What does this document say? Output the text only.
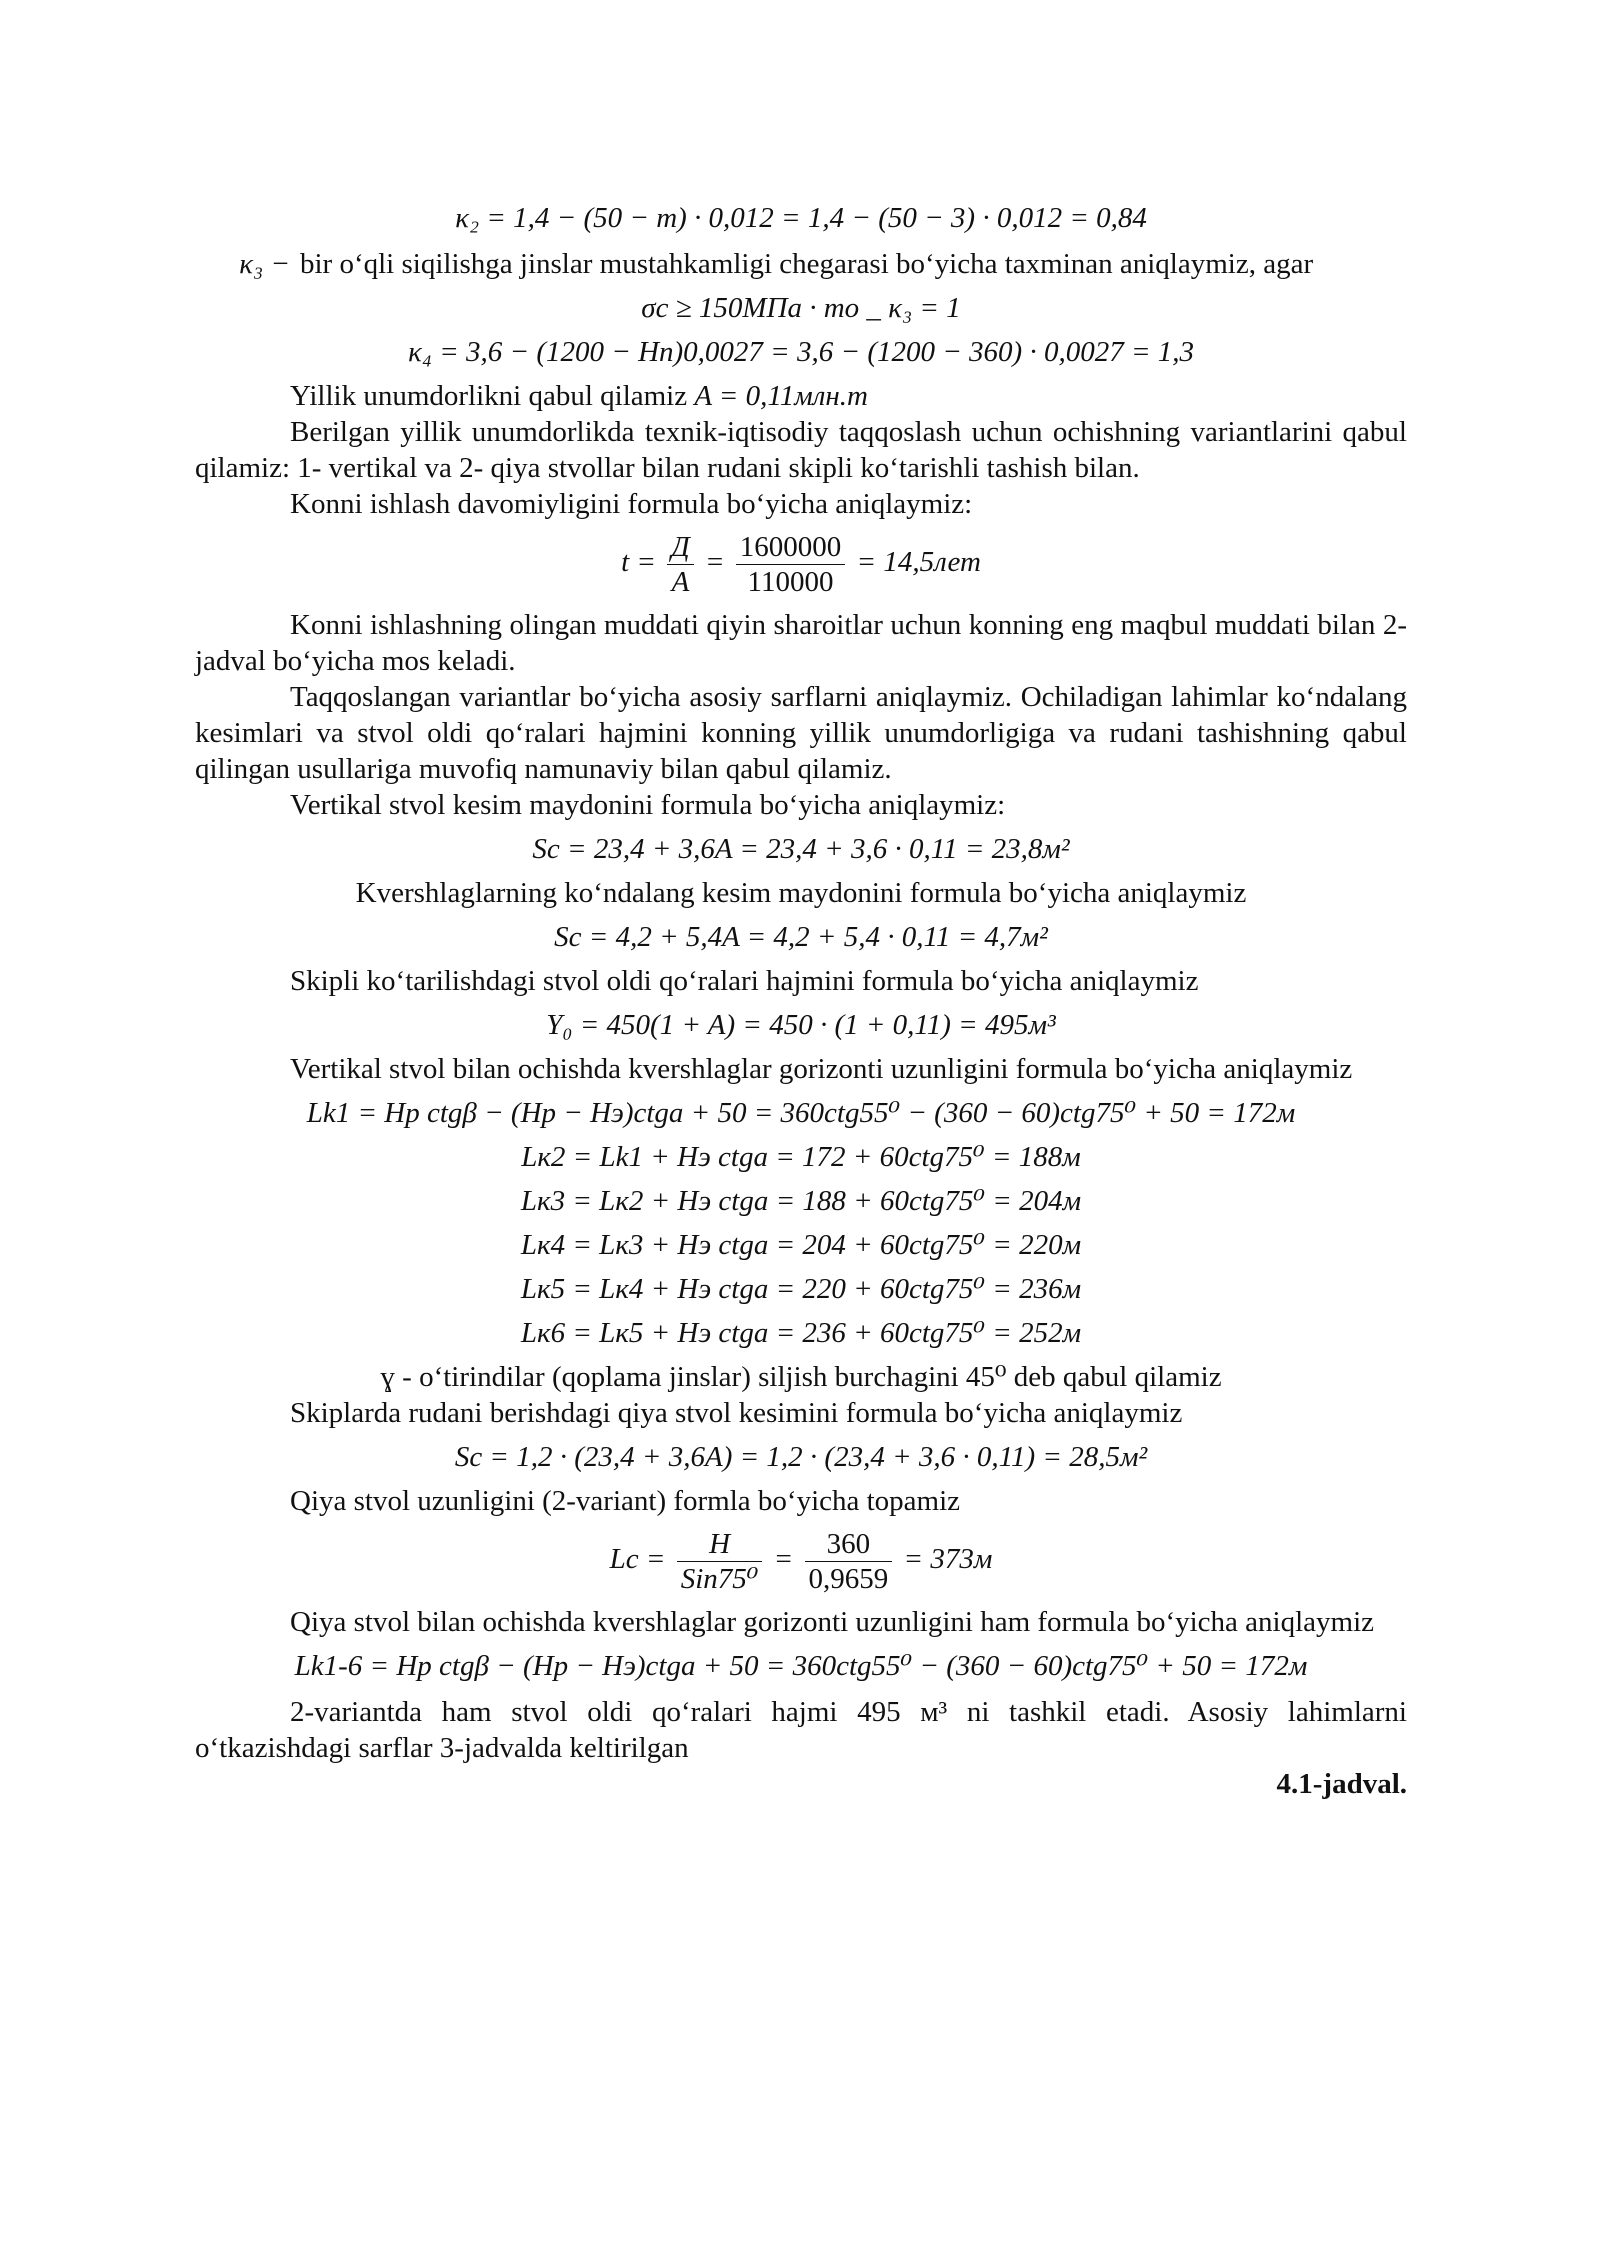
κ₂ = 1,4 − (50 − m) · 0,012 = 1,4 − (50 − 3) · 0,012 = 0,84

κ₃ − bir o‘qli siqilishga jinslar mustahkamligi chegarasi bo‘yicha taxminan aniqlaymiz, agar

σc ≥ 150МПа · то _ κ₃ = 1

κ₄ = 3,6 − (1200 − Hп)0,0027 = 3,6 − (1200 − 360) · 0,0027 = 1,3

Yillik unumdorlikni qabul qilamiz A = 0,11млн.т

Berilgan yillik unumdorlikda texnik-iqtisodiy taqqoslash uchun ochishning variantlarini qabul qilamiz: 1- vertikal va 2- qiya stvollar bilan rudani skipli ko‘tarishli tashish bilan.

Konni ishlash davomiyligini formula bo‘yicha aniqlaymiz:

$t = \frac{Д}{A} = \frac{1600000}{110000} = 14,5лет$

Konni ishlashning olingan muddati qiyin sharoitlar uchun konning eng maqbul muddati bilan 2-jadval bo‘yicha mos keladi.

Taqqoslangan variantlar bo‘yicha asosiy sarflarni aniqlaymiz. Ochiladigan lahimlar ko‘ndalang kesimlari va stvol oldi qo‘ralari hajmini konning yillik unumdorligiga va rudani tashishning qabul qilingan usullariga muvofiq namunaviy bilan qabul qilamiz.

Vertikal stvol kesim maydonini formula bo‘yicha aniqlaymiz:

Sc = 23,4 + 3,6A = 23,4 + 3,6 · 0,11 = 23,8м²

Kvershlaglarning ko‘ndalang kesim maydonini formula bo‘yicha aniqlaymiz

Sc = 4,2 + 5,4A = 4,2 + 5,4 · 0,11 = 4,7м²

Skipli ko‘tarilishdagi stvol oldi qo‘ralari hajmini formula bo‘yicha aniqlaymiz

Y₀ = 450(1 + A) = 450 · (1 + 0,11) = 495м³

Vertikal stvol bilan ochishda kvershlaglar gorizonti uzunligini formula bo‘yicha aniqlaymiz

Lk1 = Hp ctgβ − (Hp − Hэ)ctga + 50 = 360ctg55⁰ − (360 − 60)ctg75⁰ + 50 = 172м

Lк2 = Lk1 + Hэ ctga = 172 + 60ctg75⁰ = 188м

Lк3 = Lк2 + Hэ ctga = 188 + 60ctg75⁰ = 204м

Lк4 = Lк3 + Hэ ctga = 204 + 60ctg75⁰ = 220м

Lк5 = Lк4 + Hэ ctga = 220 + 60ctg75⁰ = 236м

Lк6 = Lк5 + Hэ ctga = 236 + 60ctg75⁰ = 252м

ɣ - o‘tirindilar (qoplama jinslar) siljish burchagini 45⁰ deb qabul qilamiz

Skiplarda rudani berishdagi qiya stvol kesimini formula bo‘yicha aniqlaymiz

Sc = 1,2 · (23,4 + 3,6A) = 1,2 · (23,4 + 3,6 · 0,11) = 28,5м²

Qiya stvol uzunligini (2-variant) formla bo‘yicha topamiz

$Lc = \frac{H}{\text{Sin75⁰}} = \frac{360}{0,9659} = 373м$

Qiya stvol bilan ochishda kvershlaglar gorizonti uzunligini ham formula bo‘yicha aniqlaymiz

Lk1-6 = Hp ctgβ − (Hp − Hэ)ctga + 50 = 360ctg55⁰ − (360 − 60)ctg75⁰ + 50 = 172м

2-variantda ham stvol oldi qo‘ralari hajmi 495 м³ ni tashkil etadi. Asosiy lahimlarni o‘tkazishdagi sarflar 3-jadvalda keltirilgan

4.1-jadval.
